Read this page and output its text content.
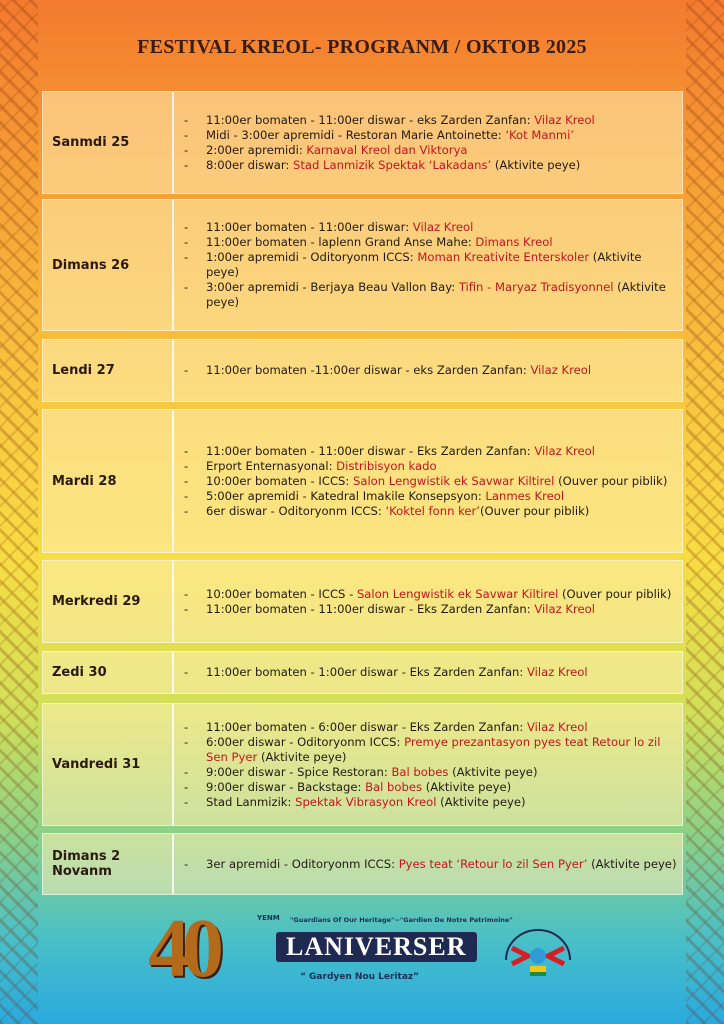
FESTIVAL KREOL- PROGRANM / OKTOB 2025
Sanmdi 25
- 11:00er bomaten - 11:00er diswar - eks Zarden Zanfan: Vilaz Kreol
- Midi - 3:00er apremidi - Restoran Marie Antoinette: ‘Kot Manmi’
- 2:00er apremidi: Karnaval Kreol dan Viktorya
- 8:00er diswar: Stad Lanmizik Spektak ‘Lakadans’ (Aktivite peye)
Dimans 26
- 11:00er bomaten - 11:00er diswar: Vilaz Kreol
- 11:00er bomaten - laplenn Grand Anse Mahe: Dimans Kreol
- 1:00er apremidi - Oditoryonm ICCS: Moman Kreativite Enterskoler (Aktivite peye)
- 3:00er apremidi - Berjaya Beau Vallon Bay: Tifin - Maryaz Tradisyonnel (Aktivite peye)
Lendi 27	- 11:00er bomaten -11:00er diswar - eks Zarden Zanfan: Vilaz Kreol
Mardi 28
- 11:00er bomaten - 11:00er diswar - Eks Zarden Zanfan: Vilaz Kreol
- Erport Enternasyonal: Distribisyon kado
- 10:00er bomaten - ICCS: Salon Lengwistik ek Savwar Kiltirel (Ouver pour piblik)
- 5:00er apremidi - Katedral Imakile Konsepsyon: Lanmes Kreol
- 6er diswar - Oditoryonm ICCS: ‘Koktel fonn ker’(Ouver pour piblik)
Merkredi 29
- 10:00er bomaten - ICCS - Salon Lengwistik ek Savwar Kiltirel (Ouver pour piblik)
- 11:00er bomaten - 11:00er diswar - Eks Zarden Zanfan: Vilaz Kreol
Zedi 30	- 11:00er bomaten - 1:00er diswar - Eks Zarden Zanfan: Vilaz Kreol
Vandredi 31
- 11:00er bomaten - 6:00er diswar - Eks Zarden Zanfan: Vilaz Kreol
- 6:00er diswar - Oditoryonm ICCS: Premye prezantasyon pyes teat Retour lo zil Sen Pyer (Aktivite peye)
- 9:00er diswar - Spice Restoran: Bal bobes (Aktivite peye)
- 9:00er diswar - Backstage: Bal bobes (Aktivite peye)
- Stad Lanmizik: Spektak Vibrasyon Kreol (Aktivite peye)
Dimans 2 Novanm
- 3er apremidi - Oditoryonm ICCS: Pyes teat ‘Retour lo zil Sen Pyer’ (Aktivite peye)
40	YENM "Guardians Of Our Heritage"~"Gardien De Notre Patrimoine"
LANIVERSER
“ Gardyen Nou Leritaz”
